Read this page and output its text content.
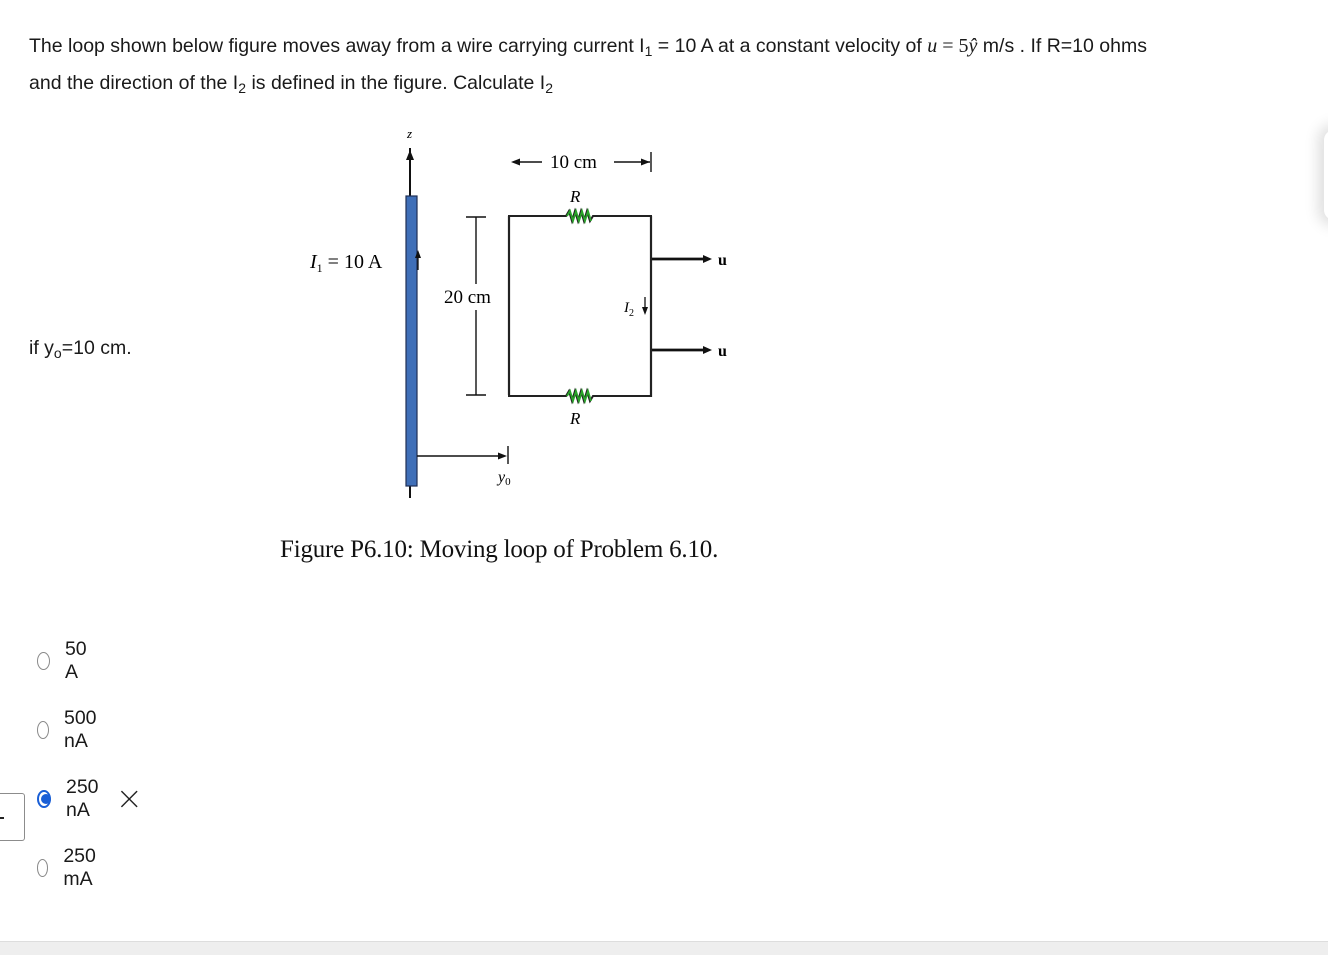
The loop shown below figure moves away from a wire carrying current $I_1 = 10$ A at a constant velocity of u = 5ŷ m/s . If R=10 ohms
and the direction of the $I_2$ is defined in the figure. Calculate $I_2$
z
$I_1 = 10$ A
20 cm
10 cm
R
R
$I_2$
u
u
y0
Figure P6.10: Moving loop of Problem 6.10.
if $y_o=10$ cm.
50 A
500 nA
250 nA
250 mA
